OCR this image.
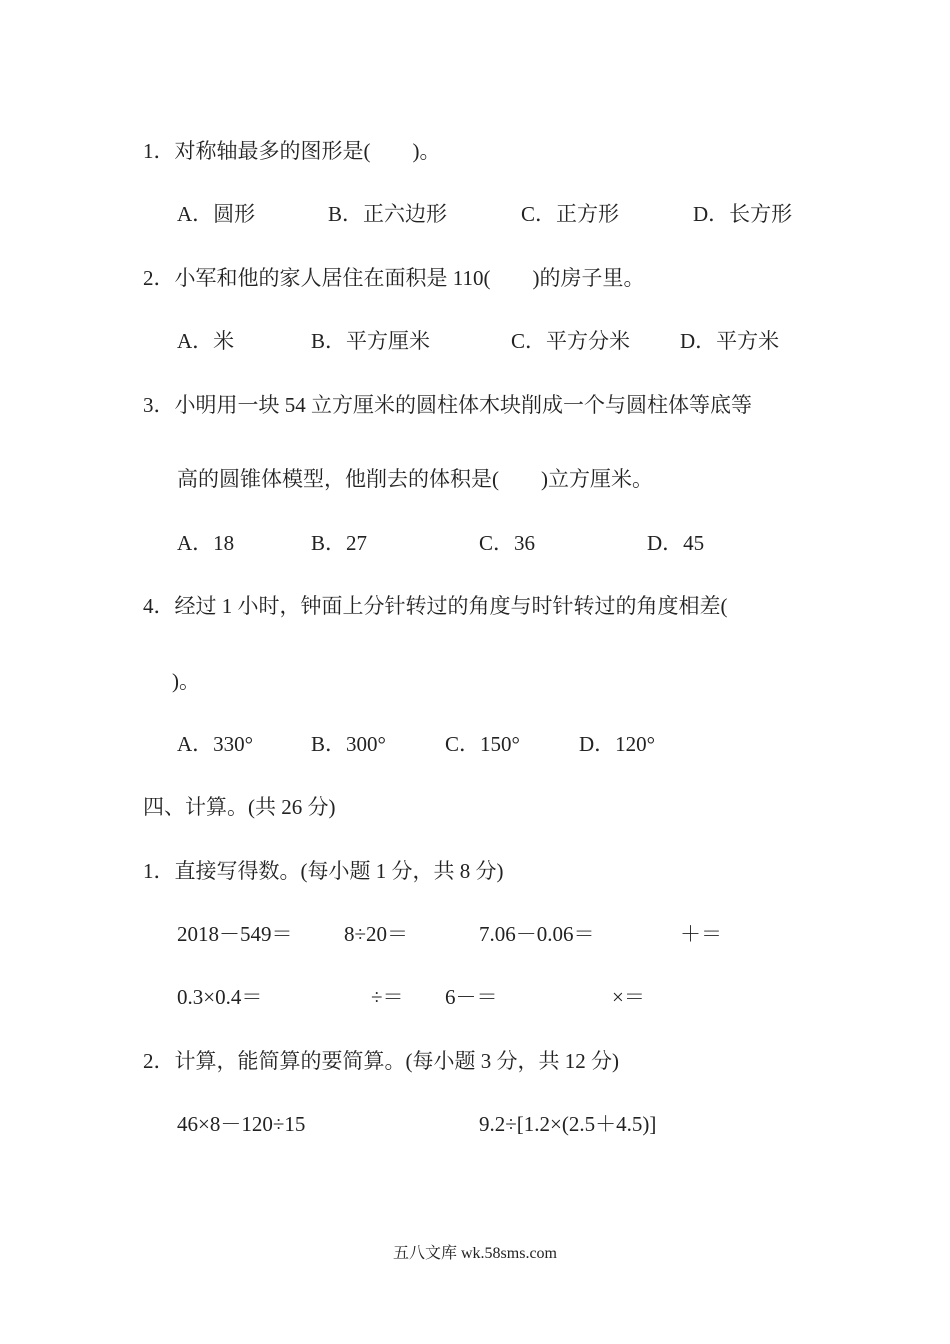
1．对称轴最多的图形是(　　)。
A．圆形	B．正六边形	C．正方形	D．长方形
2．小军和他的家人居住在面积是 110(　　)的房子里。
A．米	B．平方厘米	C．平方分米 D．平方米
3．小明用一块 54 立方厘米的圆柱体木块削成一个与圆柱体等底等
高的圆锥体模型，他削去的体积是(　　)立方厘米。
A．18	B．27	C．36	D．45
4．经过 1 小时，钟面上分针转过的角度与时针转过的角度相差(
)。
A．330°	B．300°	C．150°	D．120°
四、计算。(共 26 分)
1．直接写得数。(每小题 1 分，共 8 分)
2018－549＝ 8÷20＝	7.06－0.06＝	＋＝
0.3×0.4＝	÷＝ 6－＝	×＝
2．计算，能简算的要简算。(每小题 3 分，共 12 分)
46×8－120÷15	9.2÷[1.2×(2.5＋4.5)]
五八文库 wk.58sms.com
